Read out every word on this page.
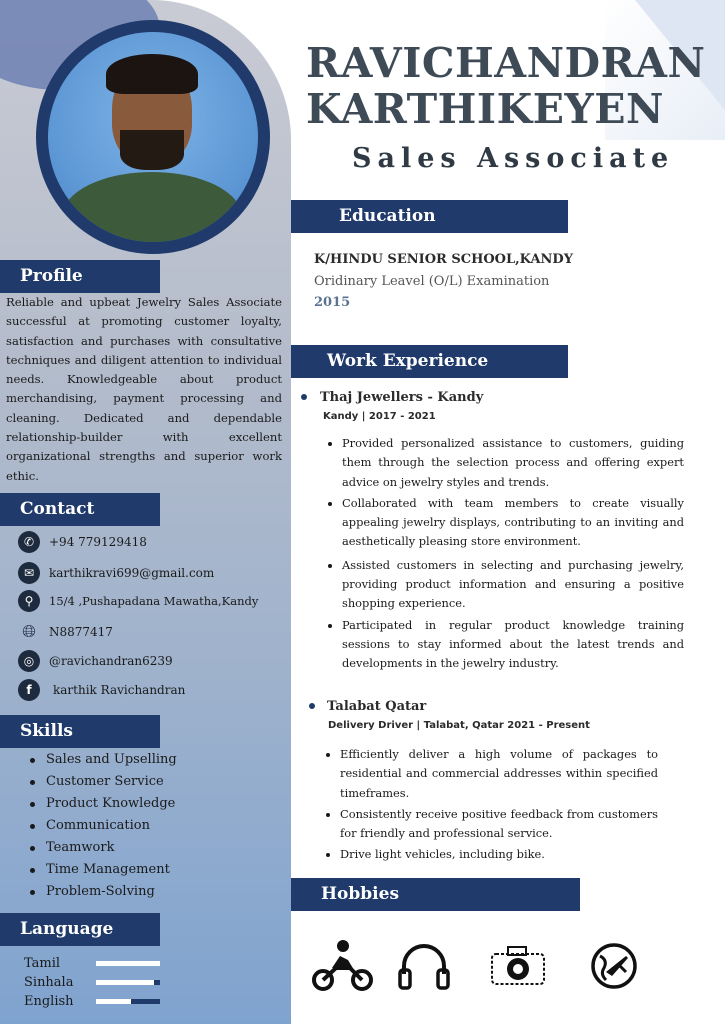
Profile

Reliable and upbeat Jewelry Sales Associate successful at promoting customer loyalty, satisfaction and purchases with consultative techniques and diligent attention to individual needs. Knowledgeable about product merchandising, payment processing and cleaning. Dedicated and dependable relationship-builder with excellent organizational strengths and superior work ethic.

Contact
✆	+94 779129418
✉	karthikravi699@gmail.com
⚲	15/4 ,Pushapadana Mawatha,Kandy
🌐︎	N8877417
◎	@ravichandran6239
f	karthik Ravichandran
Skills
Sales and Upselling
Customer Service
Product Knowledge
Communication
Teamwork
Time Management
Problem-Solving
Language
Tamil
Sinhala
English
RAVICHANDRAN
KARTHIKEYEN
Sales Associate
Education
K/HINDU SENIOR SCHOOL,KANDY
Oridinary Leavel (O/L) Examination
2015
Work Experience
Thaj Jewellers - Kandy
Kandy | 2017 - 2021
Provided personalized assistance to customers, guiding them through the selection process and offering expert advice on jewelry styles and trends.
Collaborated with team members to create visually appealing jewelry displays, contributing to an inviting and aesthetically pleasing store environment.
Assisted customers in selecting and purchasing jewelry, providing product information and ensuring a positive shopping experience.
Participated in regular product knowledge training sessions to stay informed about the latest trends and developments in the jewelry industry.
Talabat Qatar
Delivery Driver | Talabat, Qatar 2021 - Present
Efficiently deliver a high volume of packages to residential and commercial addresses within specified timeframes.
Consistently receive positive feedback from customers for friendly and professional service.
Drive light vehicles, including bike.
Hobbies
